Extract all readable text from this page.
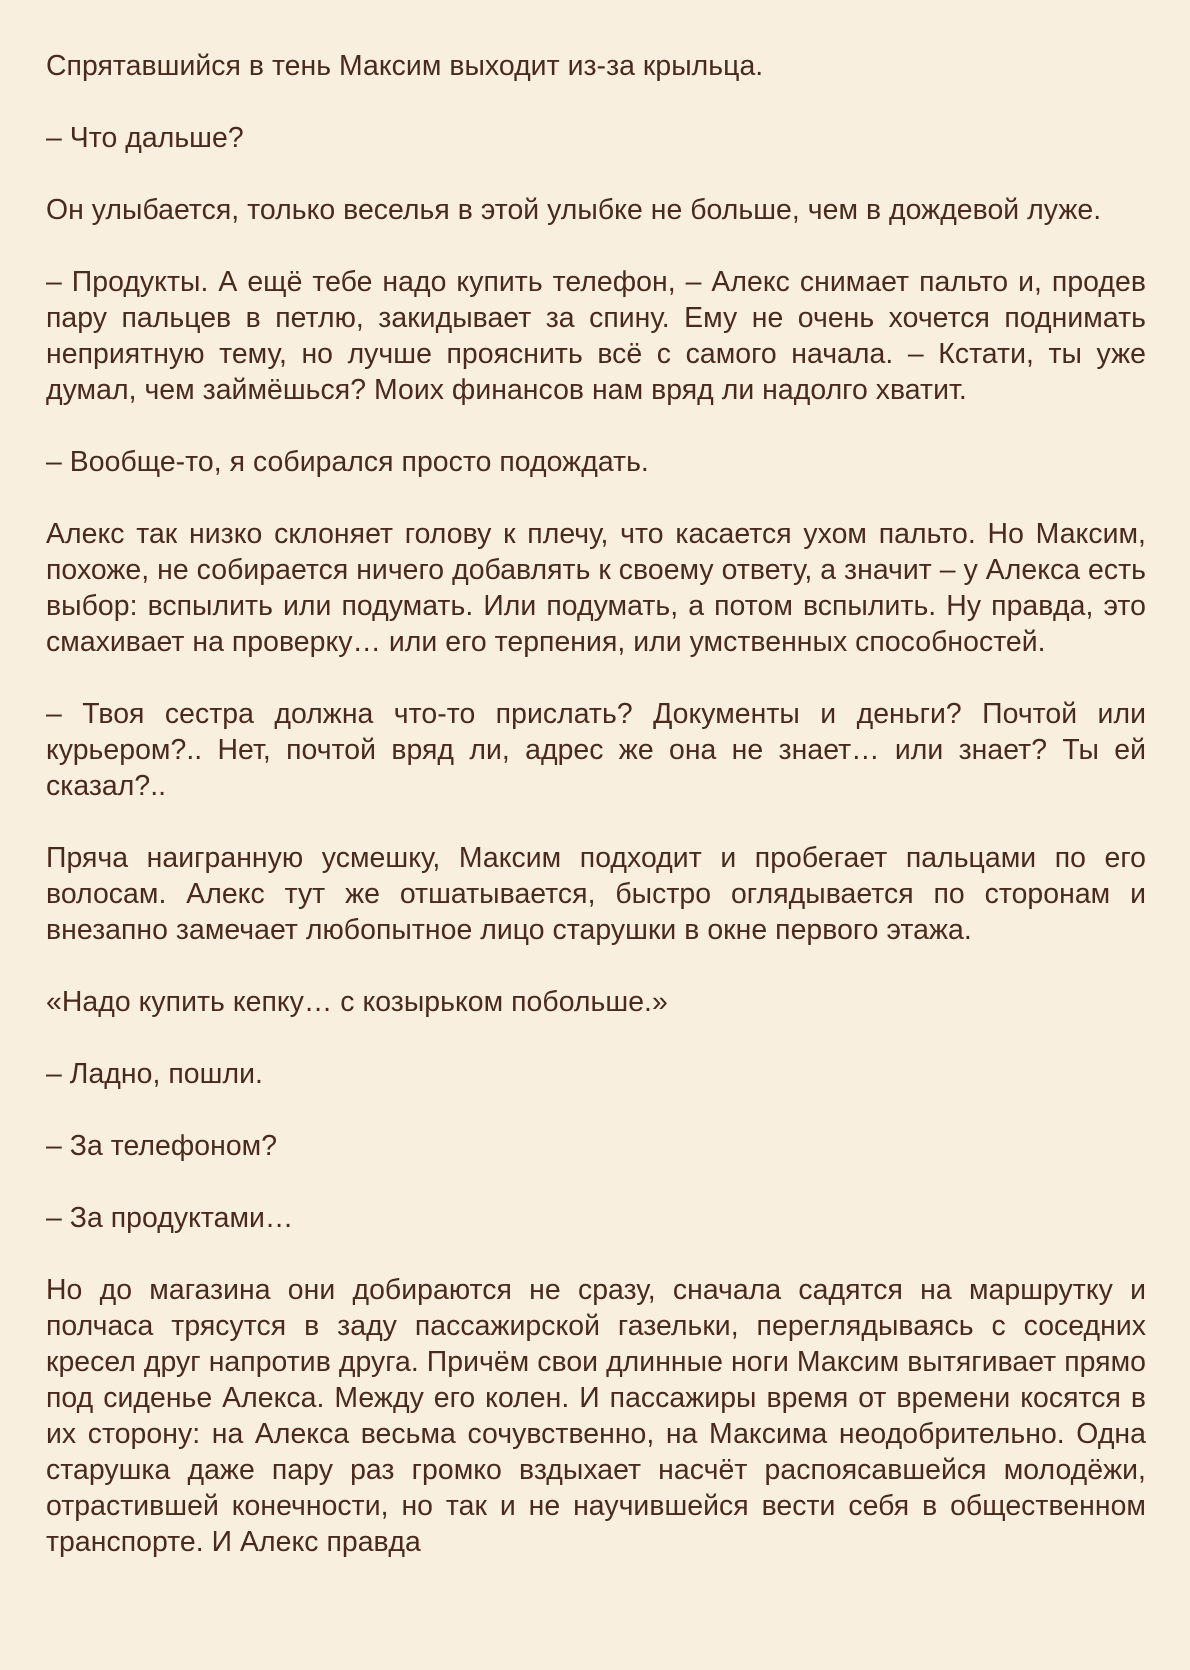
Спрятавшийся в тень Максим выходит из-за крыльца.

– Что дальше?

Он улыбается, только веселья в этой улыбке не больше, чем в дождевой луже.

– Продукты. А ещё тебе надо купить телефон, – Алекс снимает пальто и, продев пару пальцев в петлю, закидывает за спину. Ему не очень хочется поднимать неприятную тему, но лучше прояснить всё с самого начала. – Кстати, ты уже думал, чем займёшься? Моих финансов нам вряд ли надолго хватит.

– Вообще-то, я собирался просто подождать.

Алекс так низко склоняет голову к плечу, что касается ухом пальто. Но Максим, похоже, не собирается ничего добавлять к своему ответу, а значит – у Алекса есть выбор: вспылить или подумать. Или подумать, а потом вспылить. Ну правда, это смахивает на проверку… или его терпения, или умственных способностей.

– Твоя сестра должна что-то прислать? Документы и деньги? Почтой или курьером?.. Нет, почтой вряд ли, адрес же она не знает… или знает? Ты ей сказал?..

Пряча наигранную усмешку, Максим подходит и пробегает пальцами по его волосам. Алекс тут же отшатывается, быстро оглядывается по сторонам и внезапно замечает любопытное лицо старушки в окне первого этажа.

«Надо купить кепку… с козырьком побольше.»

– Ладно, пошли.

– За телефоном?

– За продуктами…

Но до магазина они добираются не сразу, сначала садятся на маршрутку и полчаса трясутся в заду пассажирской газельки, переглядываясь с соседних кресел друг напротив друга. Причём свои длинные ноги Максим вытягивает прямо под сиденье Алекса. Между его колен. И пассажиры время от времени косятся в их сторону: на Алекса весьма сочувственно, на Максима неодобрительно. Одна старушка даже пару раз громко вздыхает насчёт распоясавшейся молодёжи, отрастившей конечности, но так и не научившейся вести себя в общественном транспорте. И Алекс правда
